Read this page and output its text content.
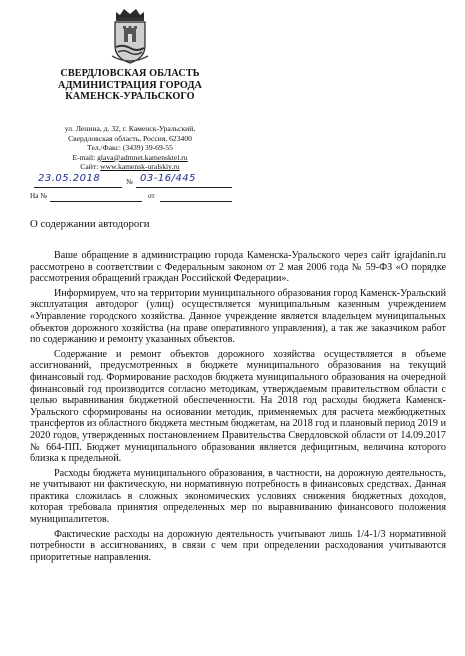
СВЕРДЛОВСКАЯ ОБЛАСТЬ
АДМИНИСТРАЦИЯ ГОРОДА
КАМЕНСК-УРАЛЬСКОГО
ул. Ленина, д. 32, г. Каменск-Уральский,
Свердловская область, Россия, 623400
Тел./Факс: (3439) 39-69-55
E-mail: glava@admnet.kamensktel.ru
Сайт: www.kamensk-uralskiy.ru
23.05.2018	№ 03-16/445
На №	от
О содержании автодороги

Ваше обращение в администрацию города Каменска-Уральского через сайт igrajdanin.ru рассмотрено в соответствии с Федеральным законом от 2 мая 2006 года № 59-ФЗ «О порядке рассмотрения обращений граждан Российской Федерации».

Информируем, что на территории муниципального образования город Каменск-Уральский эксплуатация автодорог (улиц) осуществляется муниципальным казенным учреждением «Управление городского хозяйства. Данное учреждение является владельцем муниципальных объектов дорожного хозяйства (на праве оперативного управления), а так же заказчиком работ по содержанию и ремонту указанных объектов.

Содержание и ремонт объектов дорожного хозяйства осуществляется в объеме ассигнований, предусмотренных в бюджете муниципального образования на текущий финансовый год. Формирование расходов бюджета муниципального образования на очередной финансовый год производится согласно методикам, утверждаемым правительством области с целью выравнивания бюджетной обеспеченности. На 2018 год расходы бюджета Каменск-Уральского сформированы на основании методик, применяемых для расчета межбюджетных трансфертов из областного бюджета местным бюджетам, на 2018 год и плановый период 2019 и 2020 годов, утвержденных постановлением Правительства Свердловской области от 14.09.2017 № 664-ПП. Бюджет муниципального образования является дефицитным, величина которого близка к предельной.

Расходы бюджета муниципального образования, в частности, на дорожную деятельность, не учитывают ни фактическую, ни нормативную потребность в финансовых средствах. Данная практика сложилась в сложных экономических условиях снижения бюджетных доходов, которая требовала принятия определенных мер по выравниванию финансового положения муниципалитетов.

Фактические расходы на дорожную деятельность учитывают лишь 1/4-1/3 нормативной потребности в ассигнованиях, в связи с чем при определении расходования учитываются приоритетные направления.
